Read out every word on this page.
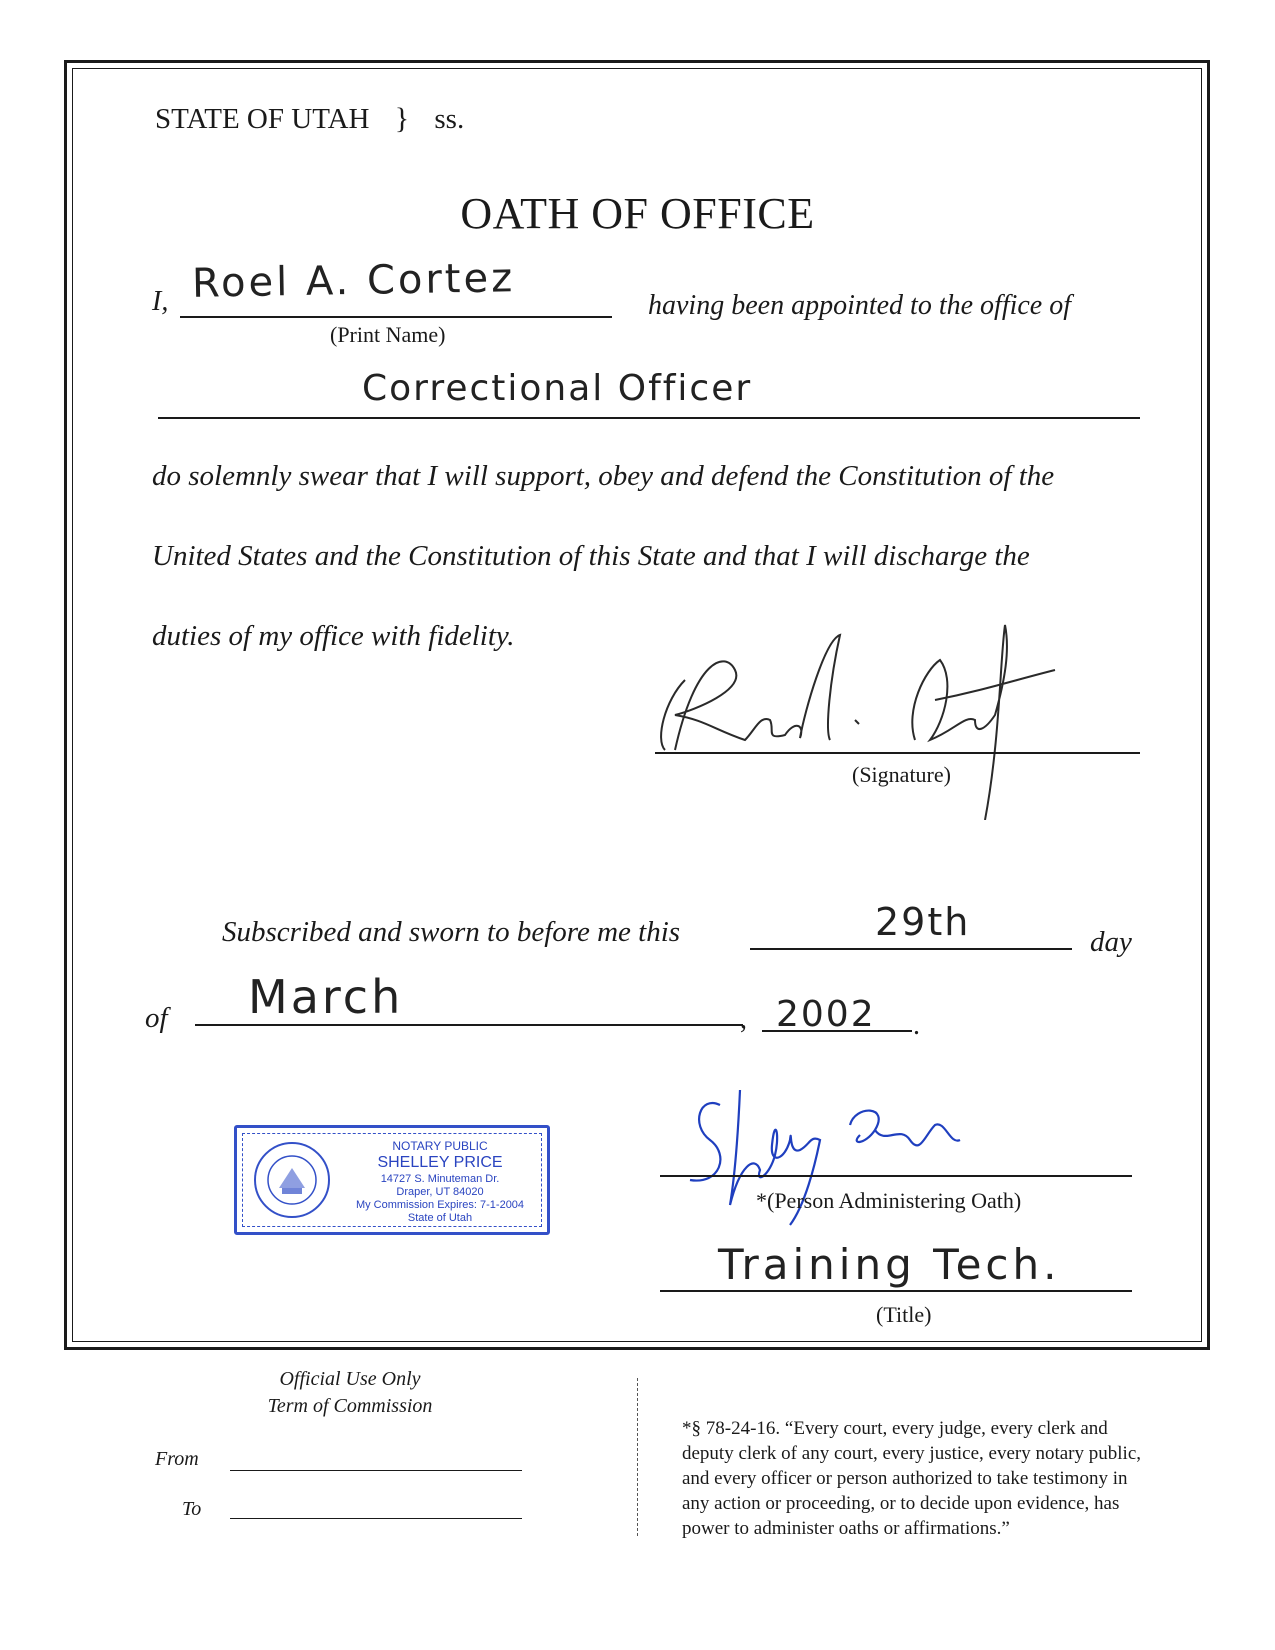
STATE OF UTAH } ss.
OATH OF OFFICE
I, Roel A. Cortez
(Print Name)
having been appointed to the office of
Correctional Officer
do solemnly swear that I will support, obey and defend the Constitution of the
United States and the Constitution of this State and that I will discharge the
duties of my office with fidelity.
(Signature)
Subscribed and sworn to before me this	29th	day
of March	, 2002 .
NOTARY PUBLIC
SHELLEY PRICE
14727 S. Minuteman Dr.
Draper, UT 84020
My Commission Expires: 7-1-2004
State of Utah
*(Person Administering Oath)
Training Tech.
(Title)
Official Use Only
Term of Commission
From
To
*§ 78-24-16. “Every court, every judge, every clerk and
deputy clerk of any court, every justice, every notary public,
and every officer or person authorized to take testimony in
any action or proceeding, or to decide upon evidence, has
power to administer oaths or affirmations.”
